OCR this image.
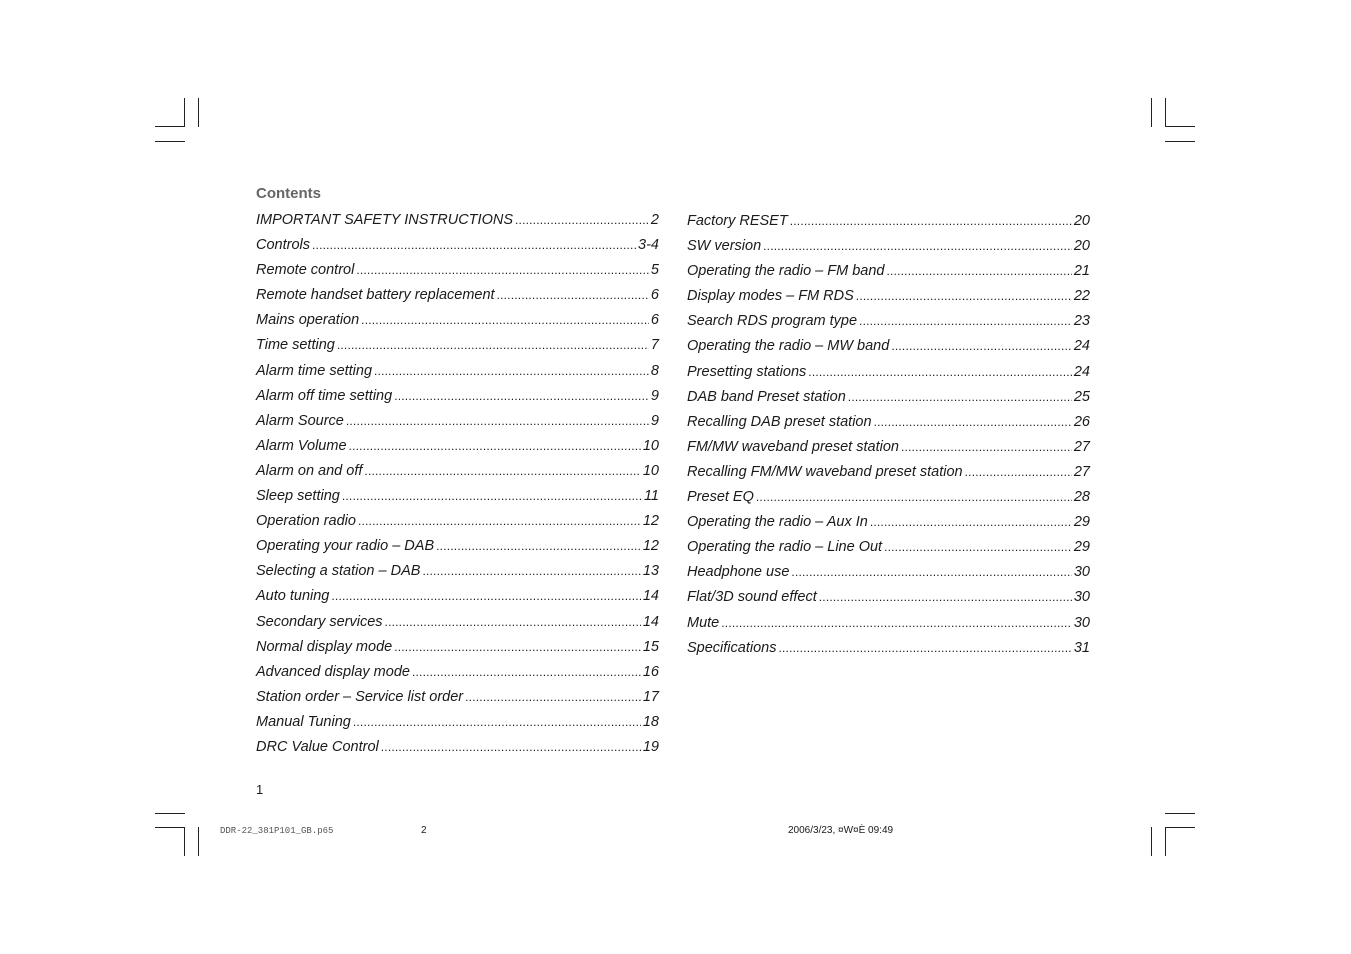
Contents
IMPORTANT SAFETY INSTRUCTIONS .....	2
Controls .....	3-4
Remote control .....	5
Remote handset battery replacement .....	6
Mains operation .....	6
Time setting .....	7
Alarm time setting .....	8
Alarm off time setting .....	9
Alarm Source .....	9
Alarm Volume .....	10
Alarm on and off .....	10
Sleep setting .....	11
Operation radio .....	12
Operating your radio – DAB .....	12
Selecting a station – DAB .....	13
Auto tuning .....	14
Secondary services .....	14
Normal display mode .....	15
Advanced display mode .....	16
Station order – Service list order .....	17
Manual Tuning .....	18
DRC Value Control .....	19
Factory RESET .....	20
SW version .....	20
Operating the radio – FM band .....	21
Display modes – FM RDS .....	22
Search RDS program type .....	23
Operating the radio – MW band .....	24
Presetting stations .....	24
DAB band Preset station .....	25
Recalling DAB preset station .....	26
FM/MW waveband preset station .....	27
Recalling FM/MW waveband preset station .....	27
Preset EQ .....	28
Operating the radio – Aux In .....	29
Operating the radio – Line Out .....	29
Headphone use .....	30
Flat/3D sound effect .....	30
Mute .....	30
Specifications .....	31
1
DDR-22_381P101_GB.p65	2	2006/3/23, ¤W¤È 09:49
